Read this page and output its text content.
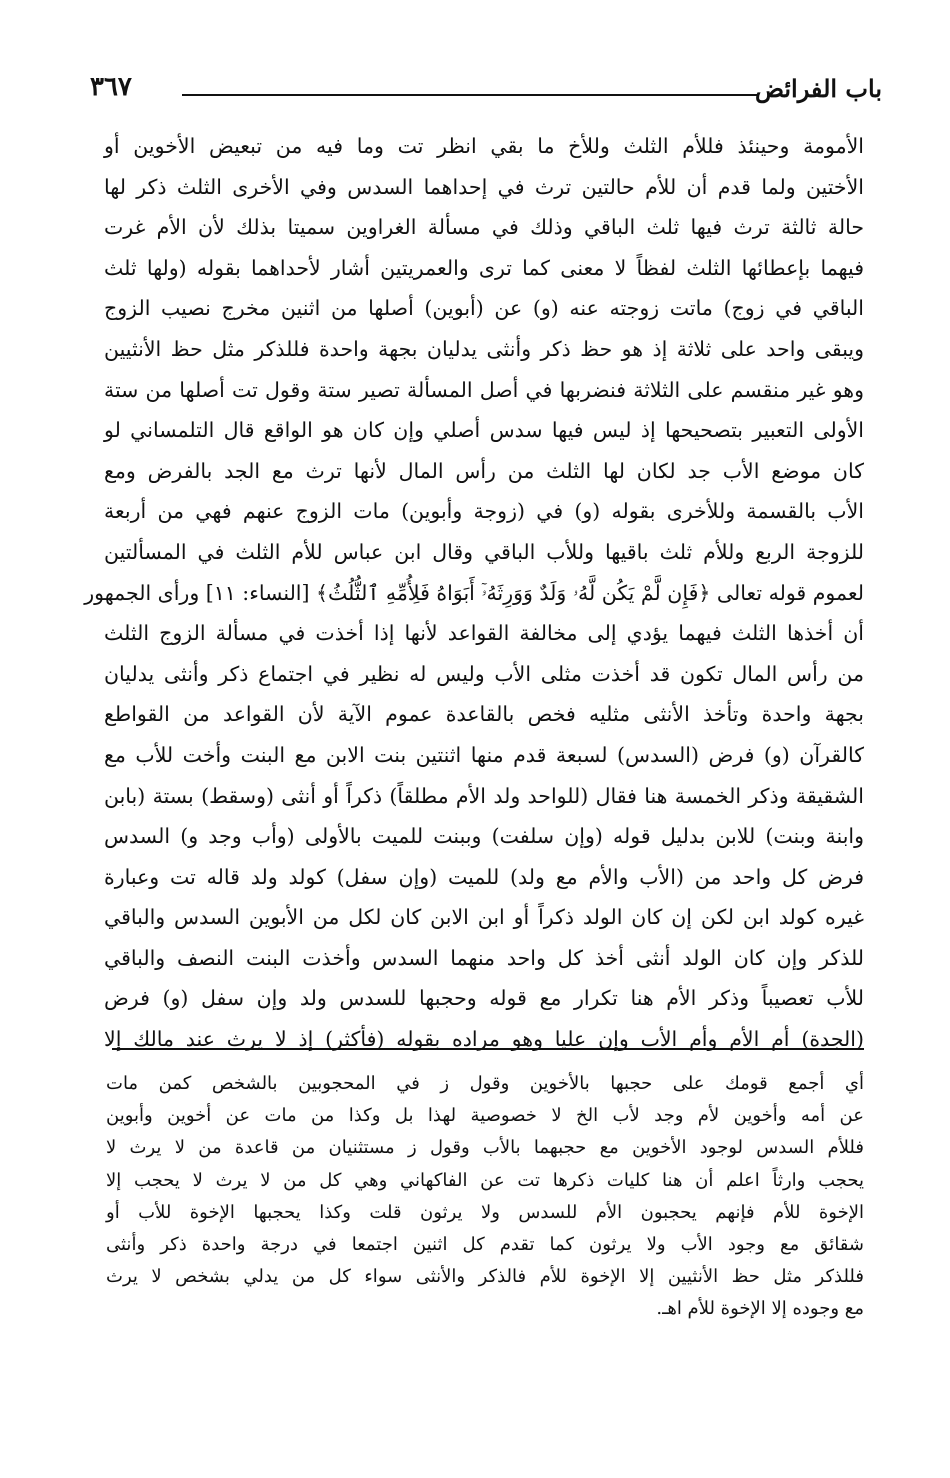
باب الفرائض
٣٦٧
الأمومة وحينئذ فللأم الثلث وللأخ ما بقي انظر تت وما فيه من تبعيض الأخوين أو
الأختين ولما قدم أن للأم حالتين ترث في إحداهما السدس وفي الأخرى الثلث ذكر لها
حالة ثالثة ترث فيها ثلث الباقي وذلك في مسألة الغراوين سميتا بذلك لأن الأم غرت
فيهما بإعطائها الثلث لفظاً لا معنى كما ترى والعمريتين أشار لأحداهما بقوله (ولها ثلث
الباقي في زوج) ماتت زوجته عنه (و) عن (أبوين) أصلها من اثنين مخرج نصيب الزوج
ويبقى واحد على ثلاثة إذ هو حظ ذكر وأنثى يدليان بجهة واحدة فللذكر مثل حظ الأنثيين
وهو غير منقسم على الثلاثة فنضربها في أصل المسألة تصير ستة وقول تت أصلها من ستة
الأولى التعبير بتصحيحها إذ ليس فيها سدس أصلي وإن كان هو الواقع قال التلمساني لو
كان موضع الأب جد لكان لها الثلث من رأس المال لأنها ترث مع الجد بالفرض ومع
الأب بالقسمة وللأخرى بقوله (و) في (زوجة وأبوين) مات الزوج عنهم فهي من أربعة
للزوجة الربع وللأم ثلث باقيها وللأب الباقي وقال ابن عباس للأم الثلث في المسألتين
لعموم قوله تعالى ﴿فَإِن لَّمْ يَكُن لَّهُۥ وَلَدٌ وَوَرِثَهُۥٓ أَبَوَاهُ فَلِأُمِّهِ ٱلثُّلُثُ﴾ [النساء: ١١] ورأى الجمهور
أن أخذها الثلث فيهما يؤدي إلى مخالفة القواعد لأنها إذا أخذت في مسألة الزوج الثلث
من رأس المال تكون قد أخذت مثلى الأب وليس له نظير في اجتماع ذكر وأنثى يدليان
بجهة واحدة وتأخذ الأنثى مثليه فخص بالقاعدة عموم الآية لأن القواعد من القواطع
كالقرآن (و) فرض (السدس) لسبعة قدم منها اثنتين بنت الابن مع البنت وأخت للأب مع
الشقيقة وذكر الخمسة هنا فقال (للواحد ولد الأم مطلقاً) ذكراً أو أنثى (وسقط) بستة (بابن
وابنة وبنت) للابن بدليل قوله (وإن سلفت) وببنت للميت بالأولى (وأب وجد و) السدس
فرض كل واحد من (الأب والأم مع ولد) للميت (وإن سفل) كولد ولد قاله تت وعبارة
غيره كولد ابن لكن إن كان الولد ذكراً أو ابن الابن كان لكل من الأبوين السدس والباقي
للذكر وإن كان الولد أنثى أخذ كل واحد منهما السدس وأخذت البنت النصف والباقي
للأب تعصيباً وذكر الأم هنا تكرار مع قوله وحجبها للسدس ولد وإن سفل (و) فرض
(الجدة) أم الأم وأم الأب وإن عليا وهو مراده بقوله (فأكثر) إذ لا يرث عند مالك إلا
أي أجمع قومك على حجبها بالأخوين وقول ز في المحجوبين بالشخص كمن مات
عن أمه وأخوين لأم وجد لأب الخ لا خصوصية لهذا بل وكذا من مات عن أخوين وأبوين
فللأم السدس لوجود الأخوين مع حجبهما بالأب وقول ز مستثنيان من قاعدة من لا يرث لا
يحجب وارثاً اعلم أن هنا كليات ذكرها تت عن الفاكهاني وهي كل من لا يرث لا يحجب إلا
الإخوة للأم فإنهم يحجبون الأم للسدس ولا يرثون قلت وكذا يحجبها الإخوة للأب أو
شقائق مع وجود الأب ولا يرثون كما تقدم كل اثنين اجتمعا في درجة واحدة ذكر وأنثى
فللذكر مثل حظ الأنثيين إلا الإخوة للأم فالذكر والأنثى سواء كل من يدلي بشخص لا يرث
مع وجوده إلا الإخوة للأم اهـ.
